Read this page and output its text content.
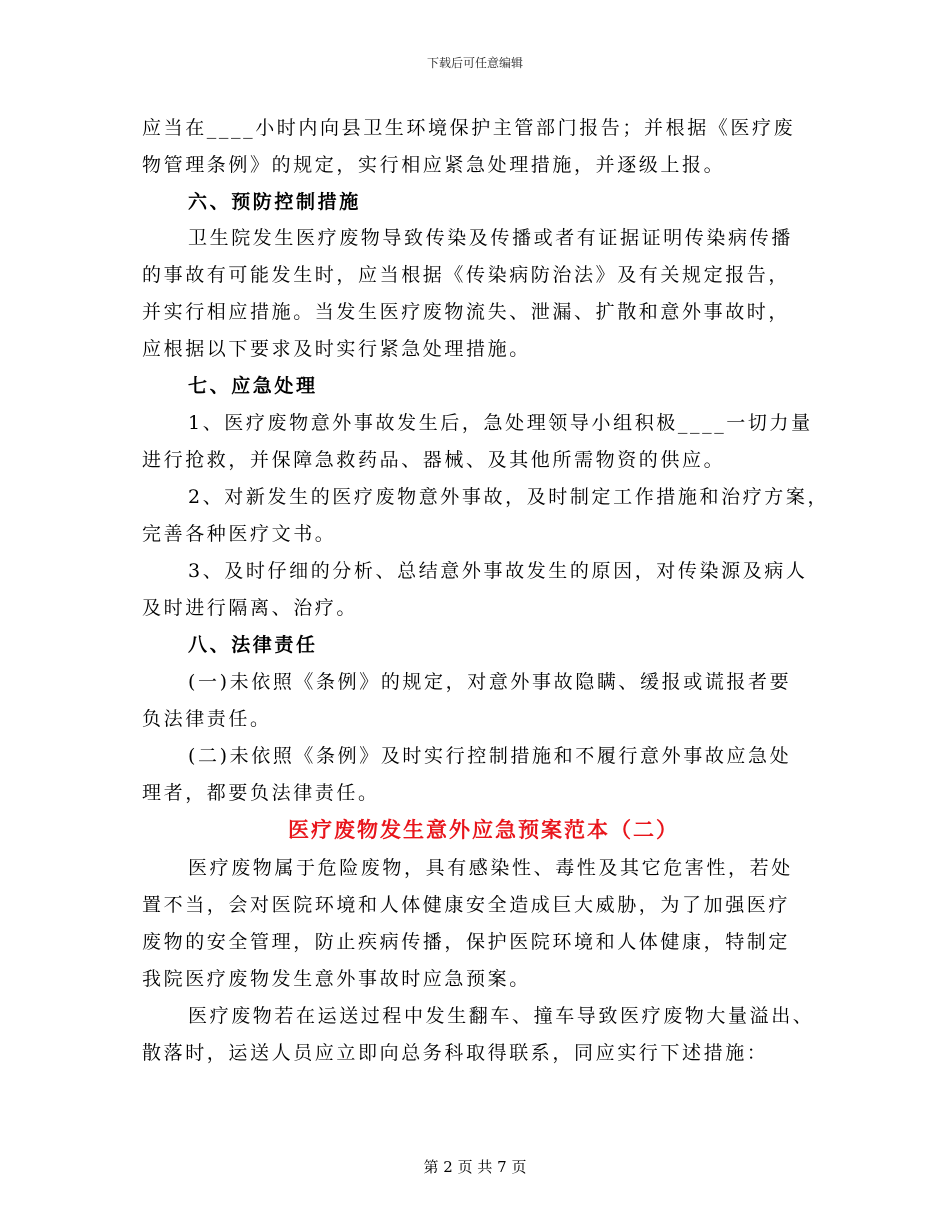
下载后可任意编辑
应当在____小时内向县卫生环境保护主管部门报告；并根据《医疗废
物管理条例》的规定，实行相应紧急处理措施，并逐级上报。
六、预防控制措施
卫生院发生医疗废物导致传染及传播或者有证据证明传染病传播
的事故有可能发生时，应当根据《传染病防治法》及有关规定报告，
并实行相应措施。当发生医疗废物流失、泄漏、扩散和意外事故时，
应根据以下要求及时实行紧急处理措施。
七、应急处理
1、医疗废物意外事故发生后，急处理领导小组积极____一切力量
进行抢救，并保障急救药品、器械、及其他所需物资的供应。
2、对新发生的医疗废物意外事故，及时制定工作措施和治疗方案，
完善各种医疗文书。
3、及时仔细的分析、总结意外事故发生的原因，对传染源及病人
及时进行隔离、治疗。
八、法律责任
(一)未依照《条例》的规定，对意外事故隐瞒、缓报或谎报者要
负法律责任。
(二)未依照《条例》及时实行控制措施和不履行意外事故应急处
理者，都要负法律责任。
医疗废物发生意外应急预案范本（二）
医疗废物属于危险废物，具有感染性、毒性及其它危害性，若处
置不当，会对医院环境和人体健康安全造成巨大威胁，为了加强医疗
废物的安全管理，防止疾病传播，保护医院环境和人体健康，特制定
我院医疗废物发生意外事故时应急预案。
医疗废物若在运送过程中发生翻车、撞车导致医疗废物大量溢出、
散落时，运送人员应立即向总务科取得联系，同应实行下述措施：
第 2 页 共 7 页
